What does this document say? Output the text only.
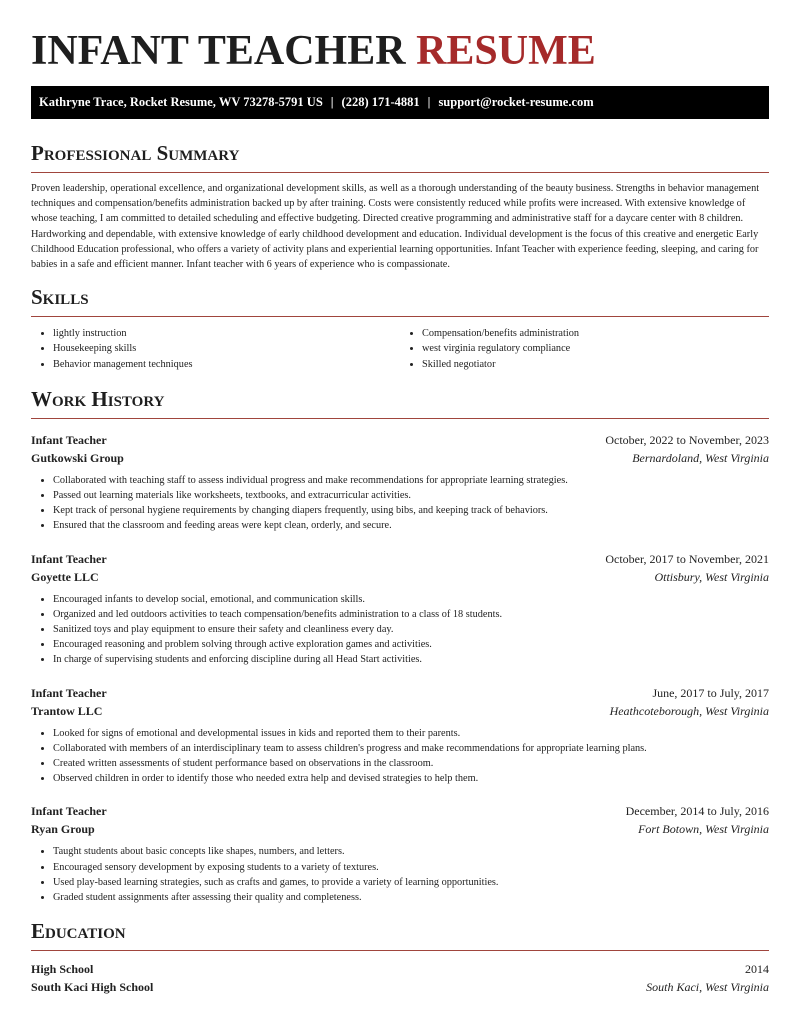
INFANT TEACHER RESUME
Kathryne Trace, Rocket Resume, WV 73278-5791 US | (228) 171-4881 | support@rocket-resume.com
Professional Summary

Proven leadership, operational excellence, and organizational development skills, as well as a thorough understanding of the beauty business. Strengths in behavior management techniques and compensation/benefits administration backed up by after training. Costs were consistently reduced while profits were increased. With extensive knowledge of whose teaching, I am committed to detailed scheduling and effective budgeting. Directed creative programming and administrative staff for a daycare center with 8 children. Hardworking and dependable, with extensive knowledge of early childhood development and education. Individual development is the focus of this creative and energetic Early Childhood Education professional, who offers a variety of activity plans and experiential learning opportunities. Infant Teacher with experience feeding, sleeping, and caring for babies in a safe and efficient manner. Infant teacher with 6 years of experience who is compassionate.

Skills
• lightly instruction
• Housekeeping skills
• Behavior management techniques
• Compensation/benefits administration
• west virginia regulatory compliance
• Skilled negotiator
Work History
Infant Teacher	October, 2022 to November, 2023
Gutkowski Group	Bernardoland, West Virginia
• Collaborated with teaching staff to assess individual progress and make recommendations for appropriate learning strategies.
• Passed out learning materials like worksheets, textbooks, and extracurricular activities.
• Kept track of personal hygiene requirements by changing diapers frequently, using bibs, and keeping track of behaviors.
• Ensured that the classroom and feeding areas were kept clean, orderly, and secure.
Infant Teacher	October, 2017 to November, 2021
Goyette LLC	Ottisbury, West Virginia
• Encouraged infants to develop social, emotional, and communication skills.
• Organized and led outdoors activities to teach compensation/benefits administration to a class of 18 students.
• Sanitized toys and play equipment to ensure their safety and cleanliness every day.
• Encouraged reasoning and problem solving through active exploration games and activities.
• In charge of supervising students and enforcing discipline during all Head Start activities.
Infant Teacher	June, 2017 to July, 2017
Trantow LLC	Heathcoteborough, West Virginia
• Looked for signs of emotional and developmental issues in kids and reported them to their parents.
• Collaborated with members of an interdisciplinary team to assess children's progress and make recommendations for appropriate learning plans.
• Created written assessments of student performance based on observations in the classroom.
• Observed children in order to identify those who needed extra help and devised strategies to help them.
Infant Teacher	December, 2014 to July, 2016
Ryan Group	Fort Botown, West Virginia
• Taught students about basic concepts like shapes, numbers, and letters.
• Encouraged sensory development by exposing students to a variety of textures.
• Used play-based learning strategies, such as crafts and games, to provide a variety of learning opportunities.
• Graded student assignments after assessing their quality and completeness.
Education
High School	2014
South Kaci High School	South Kaci, West Virginia
